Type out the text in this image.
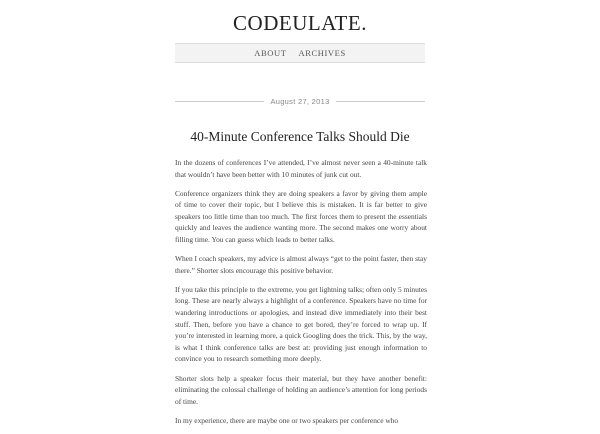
CODEULATE.
ABOUT ARCHIVES
August 27, 2013
40-Minute Conference Talks Should Die

In the dozens of conferences I’ve attended, I’ve almost never seen a 40-minute talk that wouldn’t have been better with 10 minutes of junk cut out.

Conference organizers think they are doing speakers a favor by giving them ample of time to cover their topic, but I believe this is mistaken. It is far better to give speakers too little time than too much. The first forces them to present the essentials quickly and leaves the audience wanting more. The second makes one worry about filling time. You can guess which leads to better talks.

When I coach speakers, my advice is almost always “get to the point faster, then stay there.” Shorter slots encourage this positive behavior.

If you take this principle to the extreme, you get lightning talks; often only 5 minutes long. These are nearly always a highlight of a conference. Speakers have no time for wandering introductions or apologies, and instead dive immediately into their best stuff. Then, before you have a chance to get bored, they’re forced to wrap up. If you’re interested in learning more, a quick Googling does the trick. This, by the way, is what I think conference talks are best at: providing just enough information to convince you to research something more deeply.

Shorter slots help a speaker focus their material, but they have another benefit: eliminating the colossal challenge of holding an audience’s attention for long periods of time.

In my experience, there are maybe one or two speakers per conference who
